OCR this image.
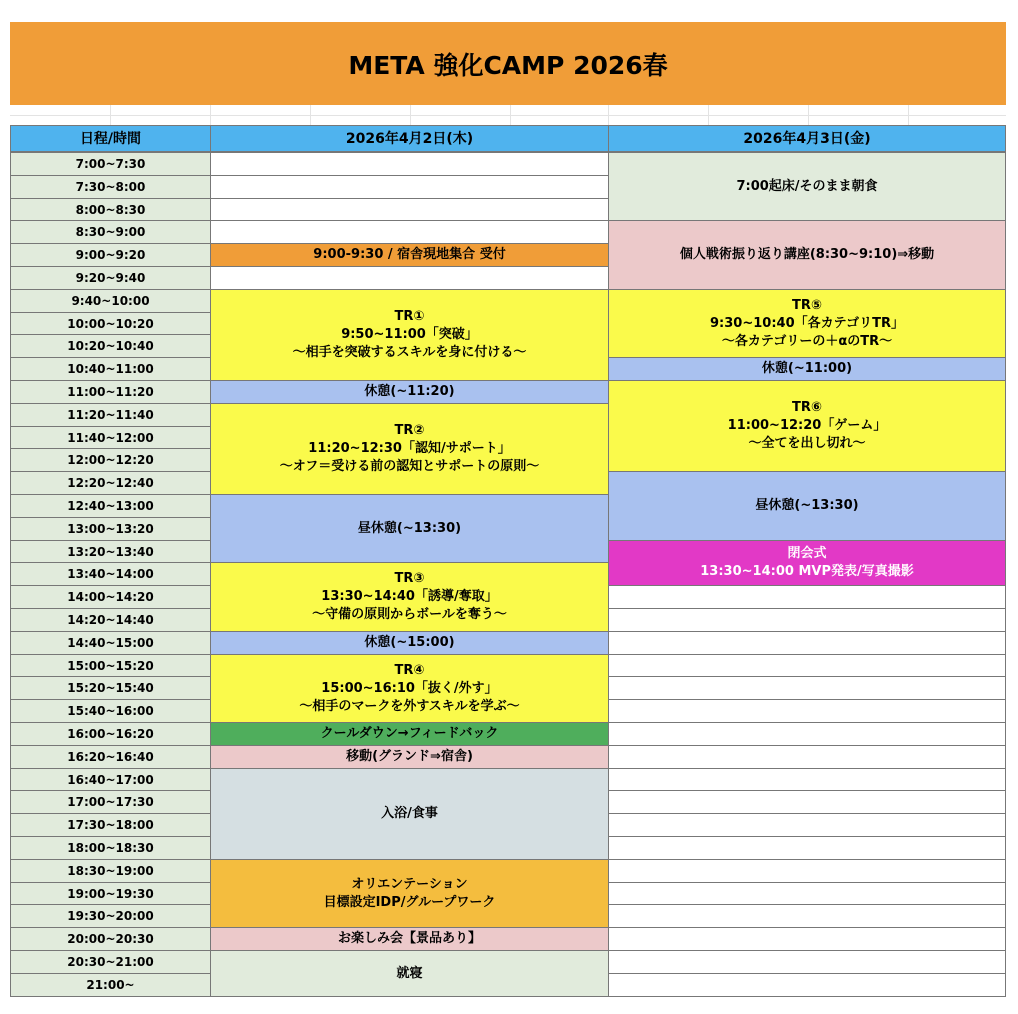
META 強化CAMP 2026春
日程/時間	2026年4月2日(木)	2026年4月3日(金)
7:00~7:30
7:30~8:00
8:00~8:30
8:30~9:00
9:00~9:20
9:20~9:40
9:40~10:00
10:00~10:20
10:20~10:40
10:40~11:00
11:00~11:20
11:20~11:40
11:40~12:00
12:00~12:20
12:20~12:40
12:40~13:00
13:00~13:20
13:20~13:40
13:40~14:00
14:00~14:20
14:20~14:40
14:40~15:00
15:00~15:20
15:20~15:40
15:40~16:00
16:00~16:20
16:20~16:40
16:40~17:00
17:00~17:30
17:30~18:00
18:00~18:30
18:30~19:00
19:00~19:30
19:30~20:00
20:00~20:30
20:30~21:00
21:00~
9:00-9:30 / 宿舎現地集合 受付
TR①
9:50~11:00「突破」
〜相手を突破するスキルを身に付ける〜
休憩(~11:20)
TR②
11:20~12:30「認知/サポート」
〜オフ＝受ける前の認知とサポートの原則〜
昼休憩(~13:30)
TR③
13:30~14:40「誘導/奪取」
〜守備の原則からボールを奪う〜
休憩(~15:00)
TR④
15:00~16:10「抜く/外す」
〜相手のマークを外すスキルを学ぶ〜
クールダウン→フィードバック
移動(グランド⇒宿舎)
入浴/食事
オリエンテーション
目標設定IDP/グループワーク
お楽しみ会【景品あり】
就寝
7:00起床/そのまま朝食
個人戦術振り返り講座(8:30~9:10)⇒移動
TR⑤
9:30~10:40「各カテゴリTR」
〜各カテゴリーの＋αのTR〜
休憩(~11:00)
TR⑥
11:00~12:20「ゲーム」
〜全てを出し切れ〜
昼休憩(~13:30)
閉会式
13:30~14:00 MVP発表/写真撮影
